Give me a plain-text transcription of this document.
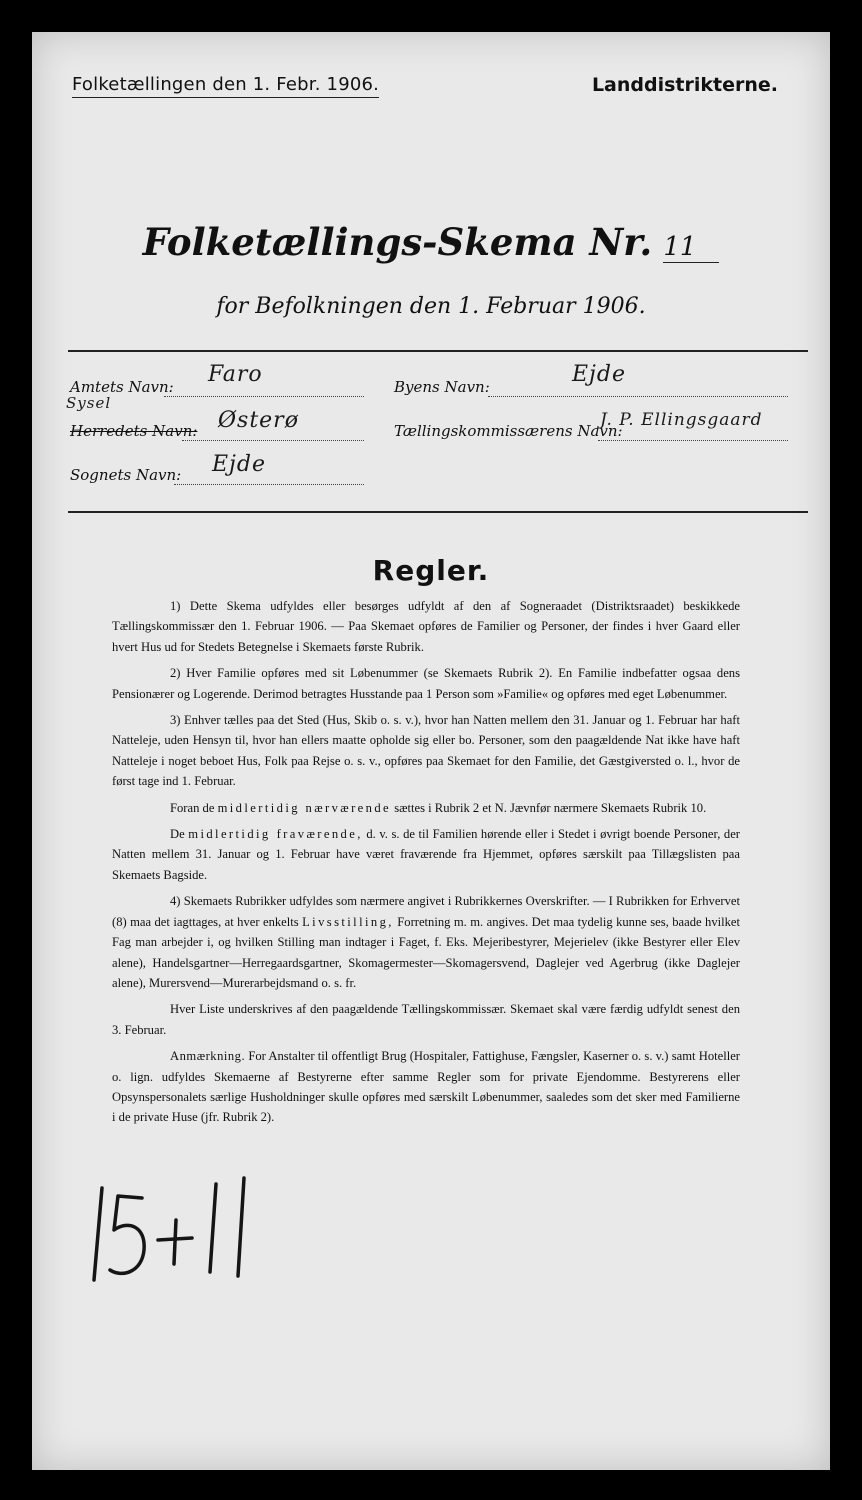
Folketællingen den 1. Febr. 1906.	Landdistrikterne.
Folketællings-Skema Nr. 11
for Befolkningen den 1. Februar 1906.
Amtets Navn: Faro
Sysel
Herredets Navn: Østerø
Sognets Navn: Ejde
Byens Navn:	Ejde
Tællingskommissærens Navn:
J. P. Ellingsgaard
Regler.

1) Dette Skema udfyldes eller besørges udfyldt af den af Sogneraadet (Distriktsraadet) beskikkede Tællingskommissær den 1. Februar 1906. — Paa Skemaet opføres de Familier og Personer, der findes i hver Gaard eller hvert Hus ud for Stedets Betegnelse i Skemaets første Rubrik.

2) Hver Familie opføres med sit Løbenummer (se Skemaets Rubrik 2). En Familie indbefatter ogsaa dens Pensionærer og Logerende. Derimod betragtes Husstande paa 1 Person som »Familie« og opføres med eget Løbenummer.

3) Enhver tælles paa det Sted (Hus, Skib o. s. v.), hvor han Natten mellem den 31. Januar og 1. Februar har haft Natteleje, uden Hensyn til, hvor han ellers maatte opholde sig eller bo. Personer, som den paagældende Nat ikke have haft Natteleje i noget beboet Hus, Folk paa Rejse o. s. v., opføres paa Skemaet for den Familie, det Gæstgiversted o. l., hvor de først tage ind 1. Februar.

Foran de midlertidig nærværende sættes i Rubrik 2 et N. Jævnfør nærmere Skemaets Rubrik 10.

De midlertidig fraværende, d. v. s. de til Familien hørende eller i Stedet i øvrigt boende Personer, der Natten mellem 31. Januar og 1. Februar have været fraværende fra Hjemmet, opføres særskilt paa Tillægslisten paa Skemaets Bagside.

4) Skemaets Rubrikker udfyldes som nærmere angivet i Rubrikkernes Overskrifter. — I Rubrikken for Erhvervet (8) maa det iagttages, at hver enkelts Livsstilling, Forretning m. m. angives. Det maa tydelig kunne ses, baade hvilket Fag man arbejder i, og hvilken Stilling man indtager i Faget, f. Eks. Mejeribestyrer, Mejerielev (ikke Bestyrer eller Elev alene), Handelsgartner—Herregaardsgartner, Skomagermester—Skomagersvend, Daglejer ved Agerbrug (ikke Daglejer alene), Murersvend—Murerarbejdsmand o. s. fr.

Hver Liste underskrives af den paagældende Tællingskommissær. Skemaet skal være færdig udfyldt senest den 3. Februar.

Anmærkning. For Anstalter til offentligt Brug (Hospitaler, Fattighuse, Fængsler, Kaserner o. s. v.) samt Hoteller o. lign. udfyldes Skemaerne af Bestyrerne efter samme Regler som for private Ejendomme. Bestyrerens eller Opsynspersonalets særlige Husholdninger skulle opføres med særskilt Løbenummer, saaledes som det sker med Familierne i de private Huse (jfr. Rubrik 2).
